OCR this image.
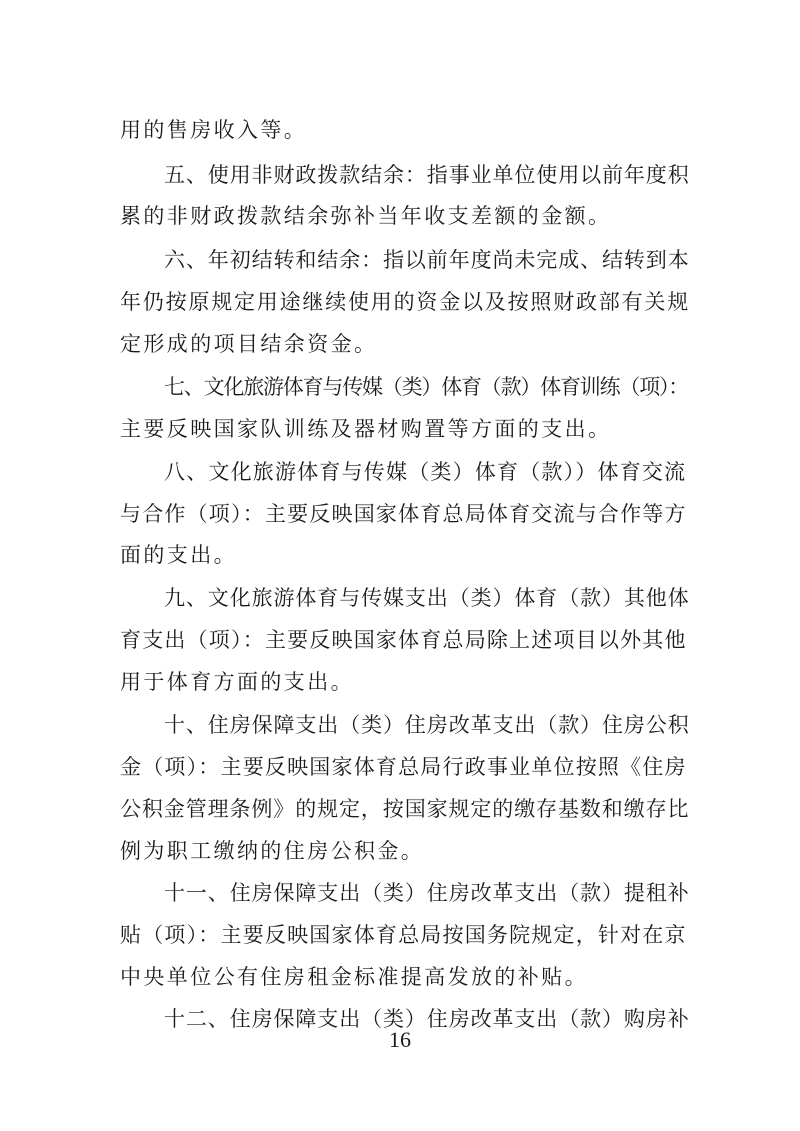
用的售房收入等。
五、使用非财政拨款结余：指事业单位使用以前年度积
累的非财政拨款结余弥补当年收支差额的金额。
六、年初结转和结余：指以前年度尚未完成、结转到本
年仍按原规定用途继续使用的资金以及按照财政部有关规
定形成的项目结余资金。
七、文化旅游体育与传媒（类）体育（款）体育训练（项）：
主要反映国家队训练及器材购置等方面的支出。
八、文化旅游体育与传媒（类）体育（款））体育交流
与合作（项）：主要反映国家体育总局体育交流与合作等方
面的支出。
九、文化旅游体育与传媒支出（类）体育（款）其他体
育支出（项）：主要反映国家体育总局除上述项目以外其他
用于体育方面的支出。
十、住房保障支出（类）住房改革支出（款）住房公积
金（项）：主要反映国家体育总局行政事业单位按照《住房
公积金管理条例》的规定，按国家规定的缴存基数和缴存比
例为职工缴纳的住房公积金。
十一、住房保障支出（类）住房改革支出（款）提租补
贴（项）：主要反映国家体育总局按国务院规定，针对在京
中央单位公有住房租金标准提高发放的补贴。
十二、住房保障支出（类）住房改革支出（款）购房补
16
